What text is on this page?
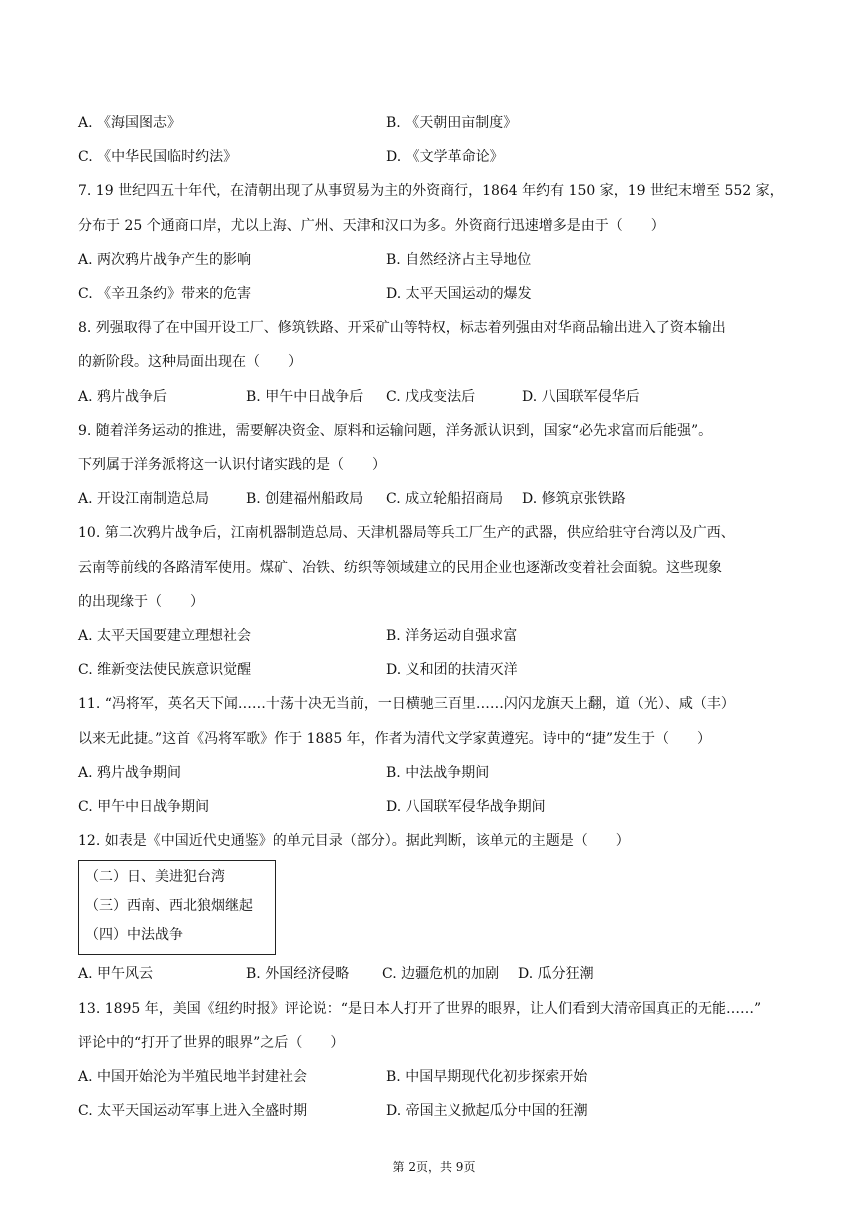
A. 《海国图志》	B. 《天朝田亩制度》
C. 《中华民国临时约法》	D. 《文学革命论》
7. 19 世纪四五十年代，在清朝出现了从事贸易为主的外资商行，1864 年约有 150 家，19 世纪末增至 552 家，
分布于 25 个通商口岸，尤以上海、广州、天津和汉口为多。外资商行迅速增多是由于（　　）
A. 两次鸦片战争产生的影响	B. 自然经济占主导地位
C. 《辛丑条约》带来的危害	D. 太平天国运动的爆发
8. 列强取得了在中国开设工厂、修筑铁路、开采矿山等特权，标志着列强由对华商品输出进入了资本输出
的新阶段。这种局面出现在（　　）
A. 鸦片战争后	B. 甲午中日战争后	C. 戊戌变法后	D. 八国联军侵华后
9. 随着洋务运动的推进，需要解决资金、原料和运输问题，洋务派认识到，国家“必先求富而后能强”。
下列属于洋务派将这一认识付诸实践的是（　　）
A. 开设江南制造总局	B. 创建福州船政局	C. 成立轮船招商局	D. 修筑京张铁路
10. 第二次鸦片战争后，江南机器制造总局、天津机器局等兵工厂生产的武器，供应给驻守台湾以及广西、
云南等前线的各路清军使用。煤矿、冶铁、纺织等领域建立的民用企业也逐渐改变着社会面貌。这些现象
的出现缘于（　　）
A. 太平天国要建立理想社会	B. 洋务运动自强求富
C. 维新变法使民族意识觉醒	D. 义和团的扶清灭洋
11. “冯将军，英名天下闻……十荡十决无当前，一日横驰三百里……闪闪龙旗天上翻，道（光）、咸（丰）
以来无此捷。”这首《冯将军歌》作于 1885 年，作者为清代文学家黄遵宪。诗中的“捷”发生于（　　）
A. 鸦片战争期间	B. 中法战争期间
C. 甲午中日战争期间	D. 八国联军侵华战争期间
12. 如表是《中国近代史通鉴》的单元目录（部分）。据此判断，该单元的主题是（　　）
（二）日、美进犯台湾
（三）西南、西北狼烟继起
（四）中法战争
A. 甲午风云	B. 外国经济侵略	C. 边疆危机的加剧	D. 瓜分狂潮
13. 1895 年，美国《纽约时报》评论说：“是日本人打开了世界的眼界，让人们看到大清帝国真正的无能……”
评论中的“打开了世界的眼界”之后（　　）
A. 中国开始沦为半殖民地半封建社会	B. 中国早期现代化初步探索开始
C. 太平天国运动军事上进入全盛时期	D. 帝国主义掀起瓜分中国的狂潮
第 2页，共 9页
